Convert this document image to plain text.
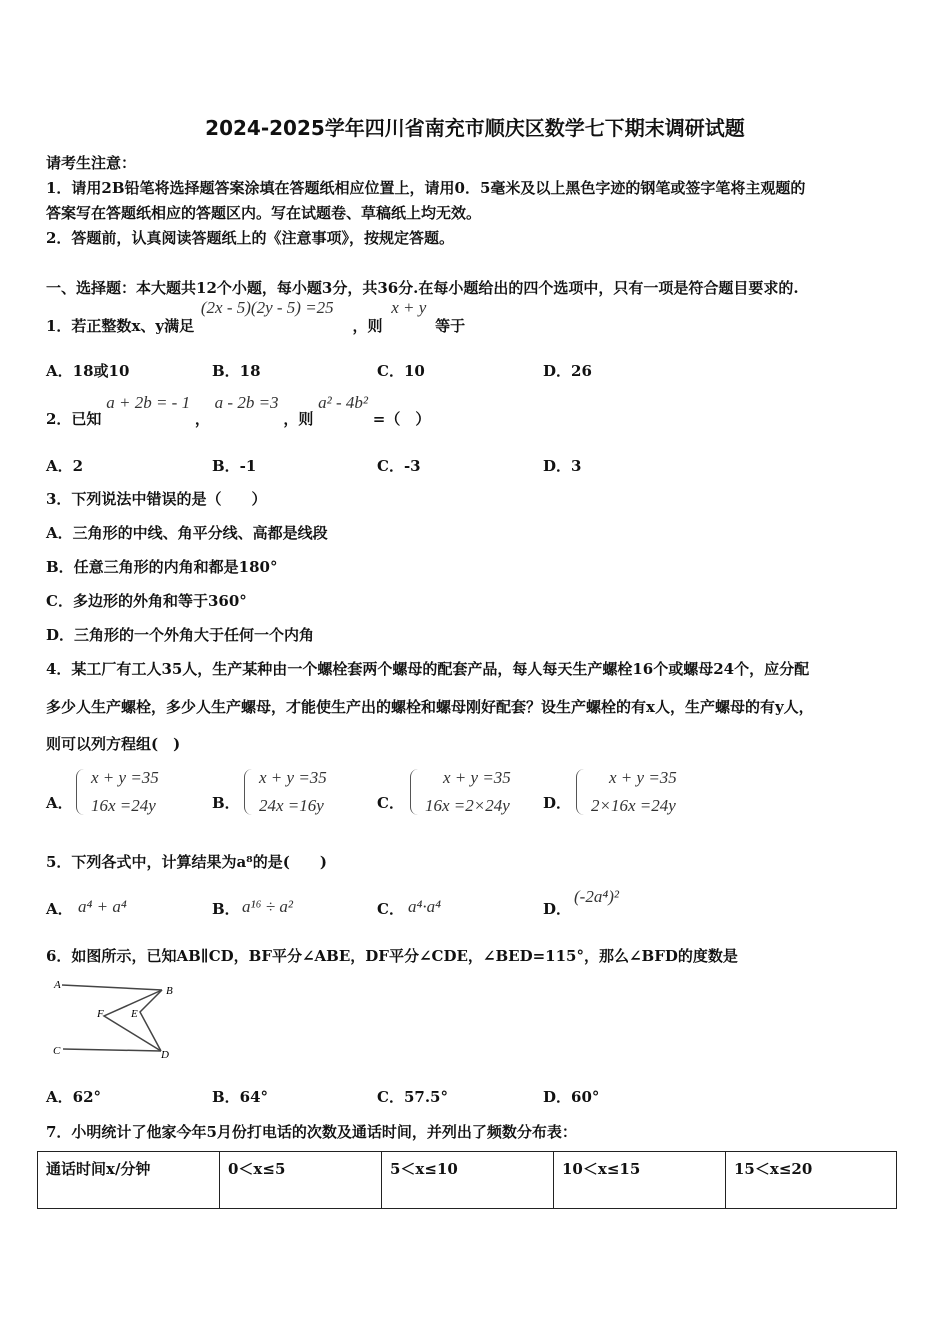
2024-2025学年四川省南充市顺庆区数学七下期末调研试题
请考生注意：
1．请用2B铅笔将选择题答案涂填在答题纸相应位置上，请用0．5毫米及以上黑色字迹的钢笔或签字笔将主观题的
答案写在答题纸相应的答题区内。写在试题卷、草稿纸上均无效。
2．答题前，认真阅读答题纸上的《注意事项》，按规定答题。
一、选择题：本大题共12个小题，每小题3分，共36分.在每小题给出的四个选项中，只有一项是符合题目要求的.
1．若正整数x、y满足 (2x - 5)(2y - 5) =25 ，则 x + y 等于
A．18或10	B．18	C．10	D．26
2．已知 a + 2b = - 1 ， a - 2b =3 ，则 a² - 4b² =（　）
A．2	B．-1	C．-3	D．3
3．下列说法中错误的是（　　）
A．三角形的中线、角平分线、高都是线段
B．任意三角形的内角和都是180°
C．多边形的外角和等于360°
D．三角形的一个外角大于任何一个内角
4．某工厂有工人35人，生产某种由一个螺栓套两个螺母的配套产品，每人每天生产螺栓16个或螺母24个，应分配
多少人生产螺栓，多少人生产螺母，才能使生产出的螺栓和螺母刚好配套？设生产螺栓的有x人，生产螺母的有y人，
则可以列方程组(　)
A．
x + y =35
16x =24y	B．
x + y =35
24x =16y	C．
x + y =35
16x =2×24y D．
x + y =35
2×16x =24y
5．下列各式中，计算结果为a⁸的是(　　)
A． a⁴ + a⁴	B． a¹⁶ ÷ a²	C． a⁴·a⁴	D．
(-2a⁴)²
6．如图所示，已知AB∥CD，BF平分∠ABE，DF平分∠CDE，∠BED=115°，那么∠BFD的度数是
A	B
F E
C	D
A．62°	B．64°	C．57.5°	D．60°
7．小明统计了他家今年5月份打电话的次数及通话时间，并列出了频数分布表：
通话时间x/分钟	0＜x≤5	5＜x≤10	10＜x≤15	15＜x≤20
